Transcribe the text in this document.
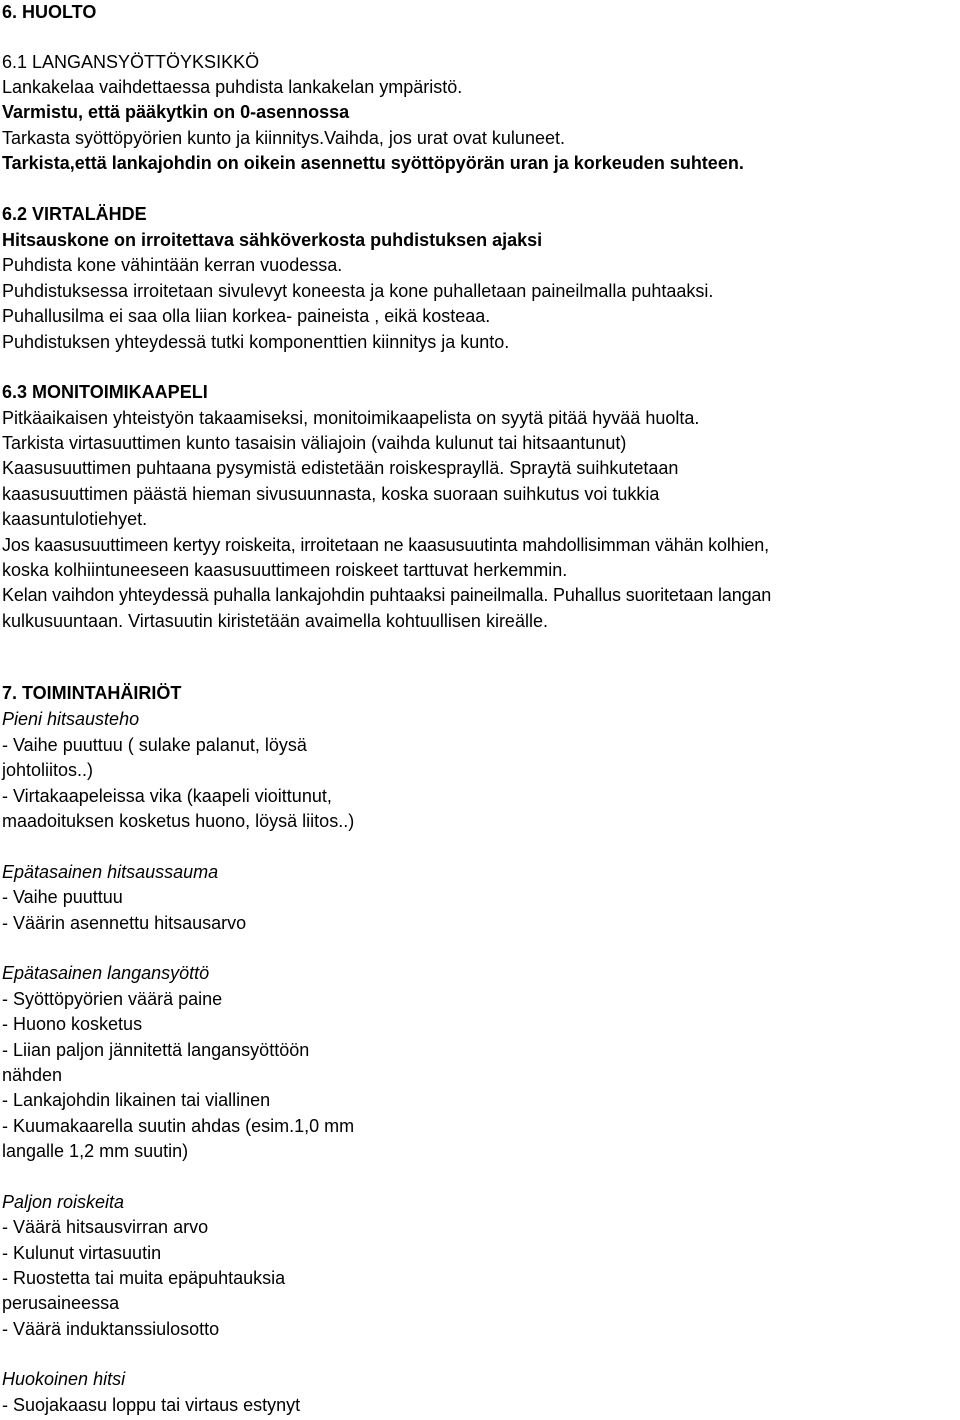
6. HUOLTO
6.1 LANGANSYÖTTÖYKSIKKÖ
Lankakelaa vaihdettaessa puhdista lankakelan ympäristö.
Varmistu, että pääkytkin on 0-asennossa
Tarkasta syöttöpyörien kunto ja kiinnitys.Vaihda, jos urat ovat kuluneet.
Tarkista,että lankajohdin on oikein asennettu syöttöpyörän uran ja korkeuden suhteen.
6.2 VIRTALÄHDE
Hitsauskone on irroitettava sähköverkosta puhdistuksen ajaksi
Puhdista kone vähintään kerran vuodessa.
Puhdistuksessa irroitetaan sivulevyt koneesta ja kone puhalletaan paineilmalla puhtaaksi.
Puhallusilma ei saa olla liian korkea- paineista , eikä kosteaa.
Puhdistuksen yhteydessä tutki komponenttien kiinnitys ja kunto.
6.3 MONITOIMIKAAPELI
Pitkäaikaisen yhteistyön takaamiseksi, monitoimikaapelista on syytä pitää hyvää huolta.
Tarkista virtasuuttimen kunto tasaisin väliajoin (vaihda kulunut tai hitsaantunut)
Kaasusuuttimen puhtaana pysymistä edistetään roiskesprayllä. Spraytä suihkutetaan
kaasusuuttimen päästä hieman sivusuunnasta, koska suoraan suihkutus voi tukkia
kaasuntulotiehyet.
Jos kaasusuuttimeen kertyy roiskeita, irroitetaan ne kaasusuutinta mahdollisimman vähän kolhien,
koska kolhiintuneeseen kaasusuuttimeen roiskeet tarttuvat herkemmin.
Kelan vaihdon yhteydessä puhalla lankajohdin puhtaaksi paineilmalla. Puhallus suoritetaan langan
kulkusuuntaan. Virtasuutin kiristetään avaimella kohtuullisen kireälle.
7. TOIMINTAHÄIRIÖT
Pieni hitsausteho
- Vaihe puuttuu ( sulake palanut, löysä
johtoliitos..)
- Virtakaapeleissa vika (kaapeli vioittunut,
maadoituksen kosketus huono, löysä liitos..)
Epätasainen hitsaussauma
- Vaihe puuttuu
- Väärin asennettu hitsausarvo
Epätasainen langansyöttö
- Syöttöpyörien väärä paine
- Huono kosketus
- Liian paljon jännitettä langansyöttöön
nähden
- Lankajohdin likainen tai viallinen
- Kuumakaarella suutin ahdas (esim.1,0 mm
langalle 1,2 mm suutin)
Paljon roiskeita
- Väärä hitsausvirran arvo
- Kulunut virtasuutin
- Ruostetta tai muita epäpuhtauksia
perusaineessa
- Väärä induktanssiulosotto
Huokoinen hitsi
- Suojakaasu loppu tai virtaus estynyt
